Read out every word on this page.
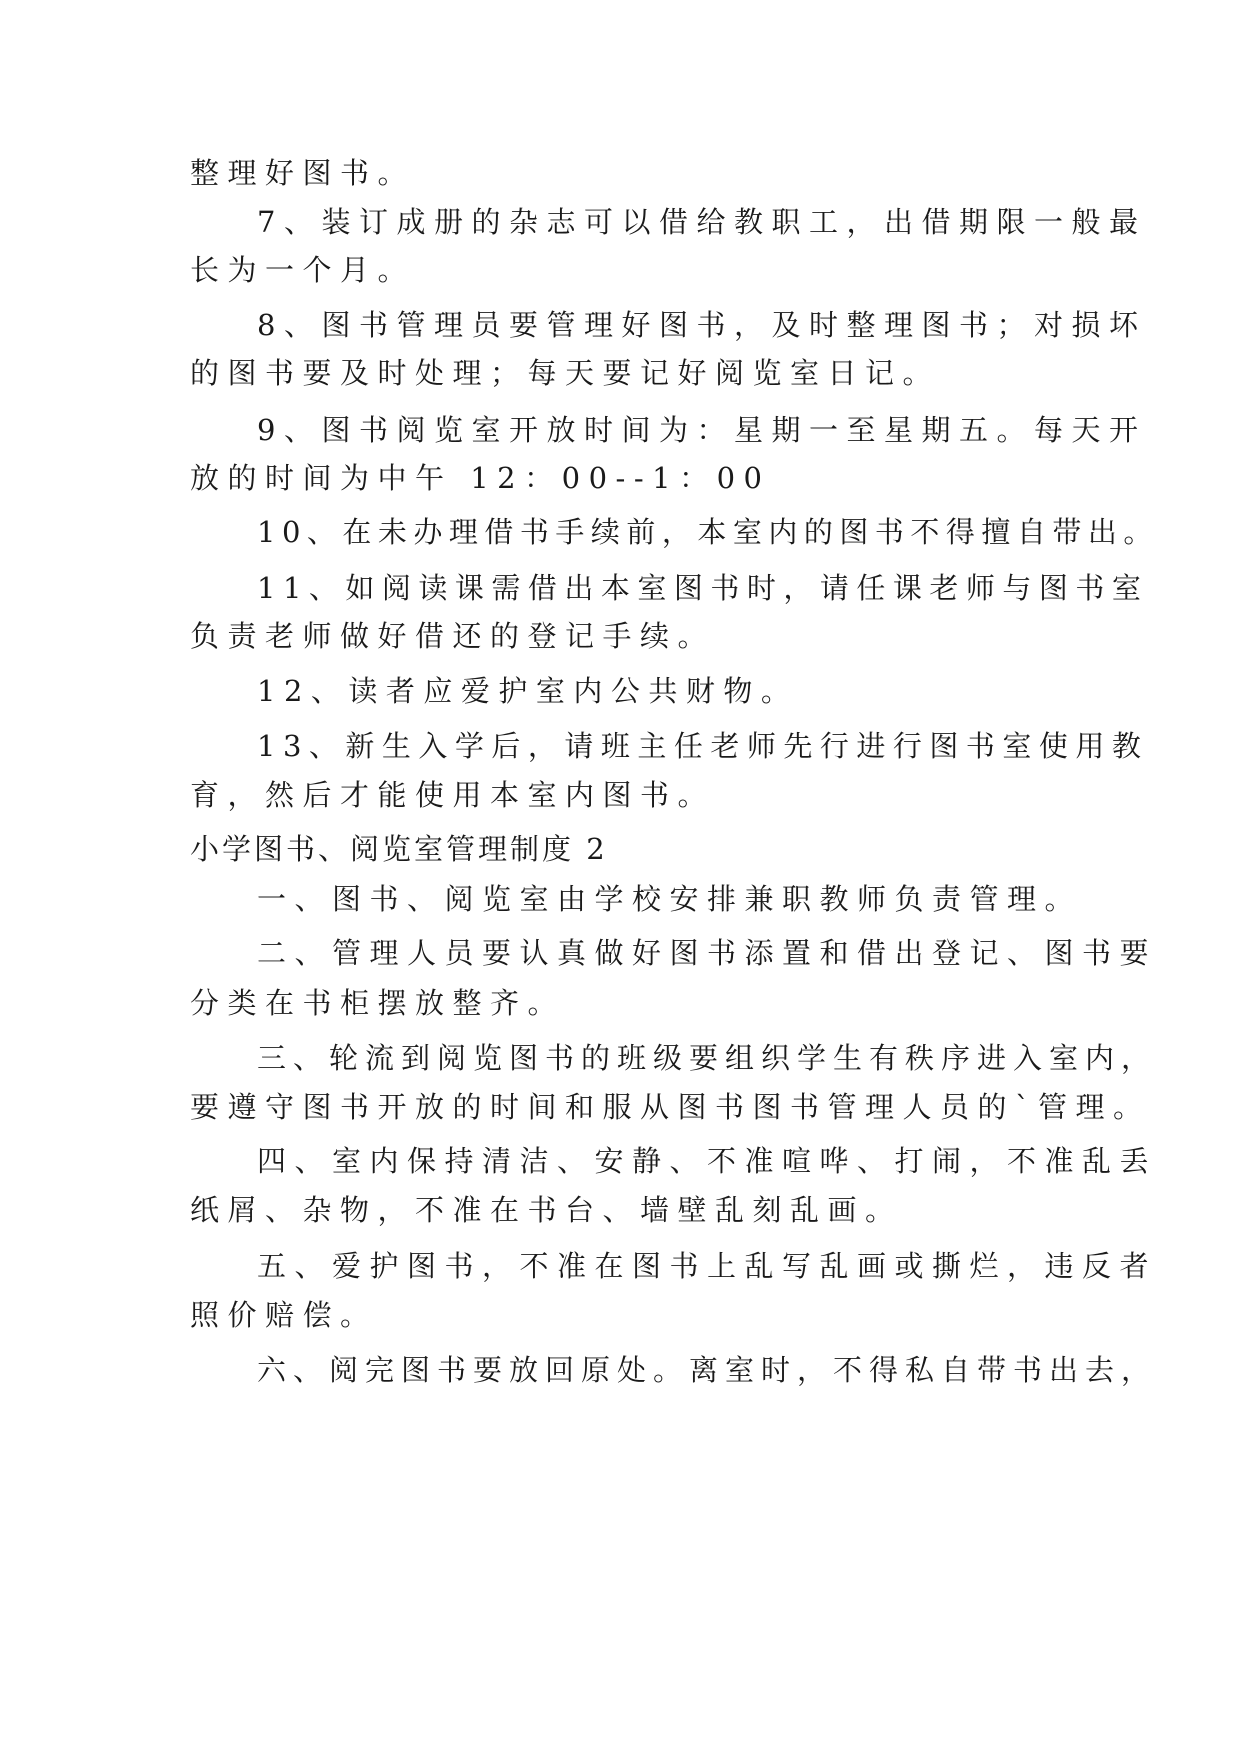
整理好图书。
7、装订成册的杂志可以借给教职工，出借期限一般最
长为一个月。
8、图书管理员要管理好图书，及时整理图书；对损坏
的图书要及时处理；每天要记好阅览室日记。
9、图书阅览室开放时间为：星期一至星期五。每天开
放的时间为中午 12：00--1：00
10、在未办理借书手续前，本室内的图书不得擅自带出。
11、如阅读课需借出本室图书时，请任课老师与图书室
负责老师做好借还的登记手续。
12、读者应爱护室内公共财物。
13、新生入学后，请班主任老师先行进行图书室使用教
育，然后才能使用本室内图书。
小学图书、阅览室管理制度 2
一、图书、阅览室由学校安排兼职教师负责管理。
二、管理人员要认真做好图书添置和借出登记、图书要
分类在书柜摆放整齐。
三、轮流到阅览图书的班级要组织学生有秩序进入室内，
要遵守图书开放的时间和服从图书图书管理人员的`管理。
四、室内保持清洁、安静、不准喧哗、打闹，不准乱丢
纸屑、杂物，不准在书台、墙壁乱刻乱画。
五、爱护图书，不准在图书上乱写乱画或撕烂，违反者
照价赔偿。
六、阅完图书要放回原处。离室时，不得私自带书出去，
